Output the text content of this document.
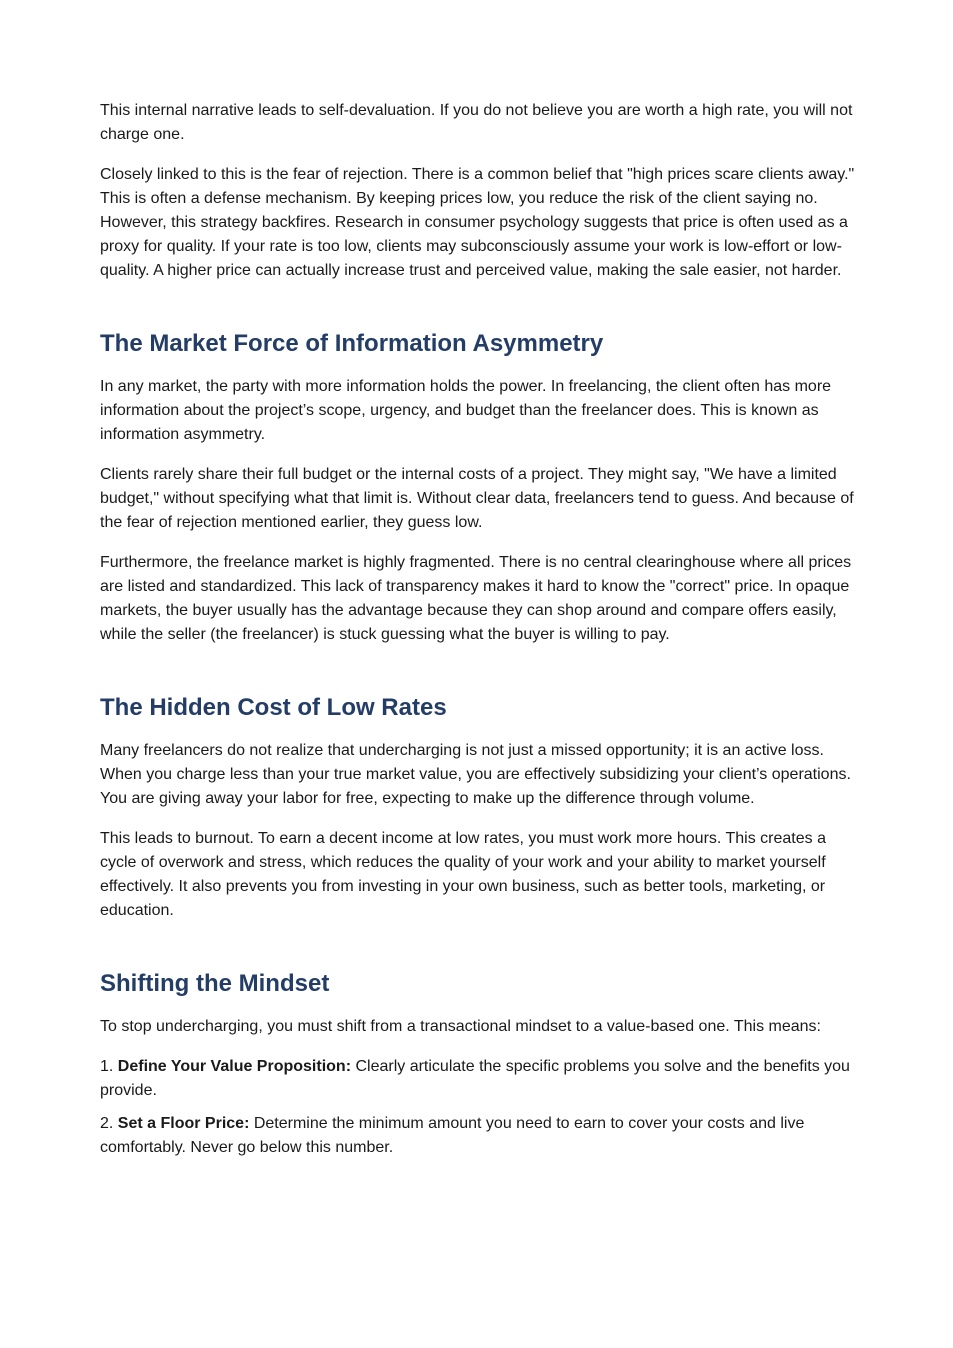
This internal narrative leads to self-devaluation. If you do not believe you are worth a high rate, you will not charge one.

Closely linked to this is the fear of rejection. There is a common belief that "high prices scare clients away." This is often a defense mechanism. By keeping prices low, you reduce the risk of the client saying no. However, this strategy backfires. Research in consumer psychology suggests that price is often used as a proxy for quality. If your rate is too low, clients may subconsciously assume your work is low-effort or low-quality. A higher price can actually increase trust and perceived value, making the sale easier, not harder.

The Market Force of Information Asymmetry

In any market, the party with more information holds the power. In freelancing, the client often has more information about the project’s scope, urgency, and budget than the freelancer does. This is known as information asymmetry.

Clients rarely share their full budget or the internal costs of a project. They might say, "We have a limited budget," without specifying what that limit is. Without clear data, freelancers tend to guess. And because of the fear of rejection mentioned earlier, they guess low.

Furthermore, the freelance market is highly fragmented. There is no central clearinghouse where all prices are listed and standardized. This lack of transparency makes it hard to know the "correct" price. In opaque markets, the buyer usually has the advantage because they can shop around and compare offers easily, while the seller (the freelancer) is stuck guessing what the buyer is willing to pay.

The Hidden Cost of Low Rates

Many freelancers do not realize that undercharging is not just a missed opportunity; it is an active loss. When you charge less than your true market value, you are effectively subsidizing your client’s operations. You are giving away your labor for free, expecting to make up the difference through volume.

This leads to burnout. To earn a decent income at low rates, you must work more hours. This creates a cycle of overwork and stress, which reduces the quality of your work and your ability to market yourself effectively. It also prevents you from investing in your own business, such as better tools, marketing, or education.

Shifting the Mindset

To stop undercharging, you must shift from a transactional mindset to a value-based one. This means:

1. Define Your Value Proposition: Clearly articulate the specific problems you solve and the benefits you provide.

2. Set a Floor Price: Determine the minimum amount you need to earn to cover your costs and live comfortably. Never go below this number.
